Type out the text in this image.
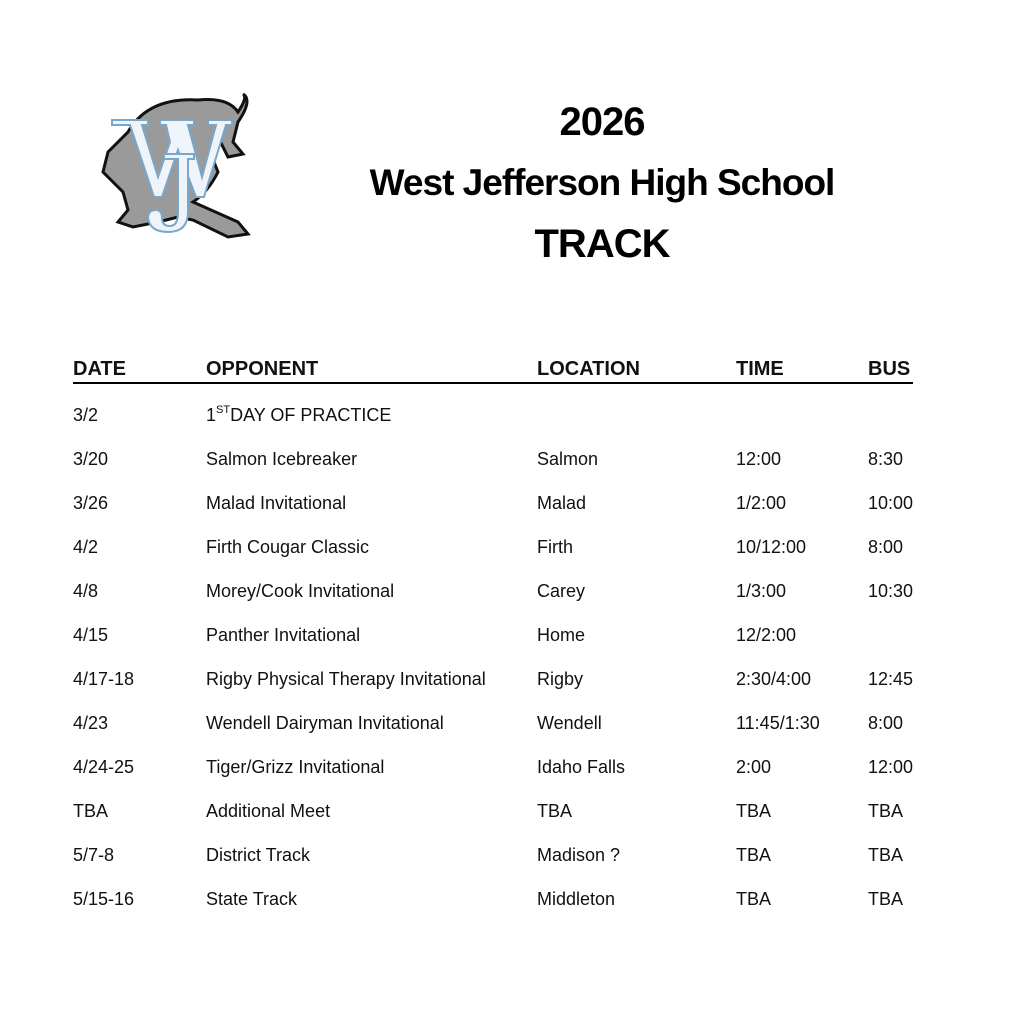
2026
West Jefferson High School
TRACK
DATE	OPPONENT	LOCATION	TIME	BUS
3/2	1 ST DAY OF PRACTICE
3/20	Salmon Icebreaker	Salmon	12:00	8:30
3/26	Malad Invitational	Malad	1/2:00	10:00
4/2	Firth Cougar Classic	Firth	10/12:00	8:00
4/8	Morey/Cook Invitational	Carey	1/3:00	10:30
4/15	Panther Invitational	Home	12/2:00
4/17-18	Rigby Physical Therapy Invitational	Rigby	2:30/4:00	12:45
4/23	Wendell Dairyman Invitational	Wendell	11:45/1:30	8:00
4/24-25	Tiger/Grizz Invitational	Idaho Falls	2:00	12:00
TBA	Additional Meet	TBA	TBA	TBA
5/7-8	District Track	Madison ?	TBA	TBA
5/15-16	State Track	Middleton	TBA	TBA
